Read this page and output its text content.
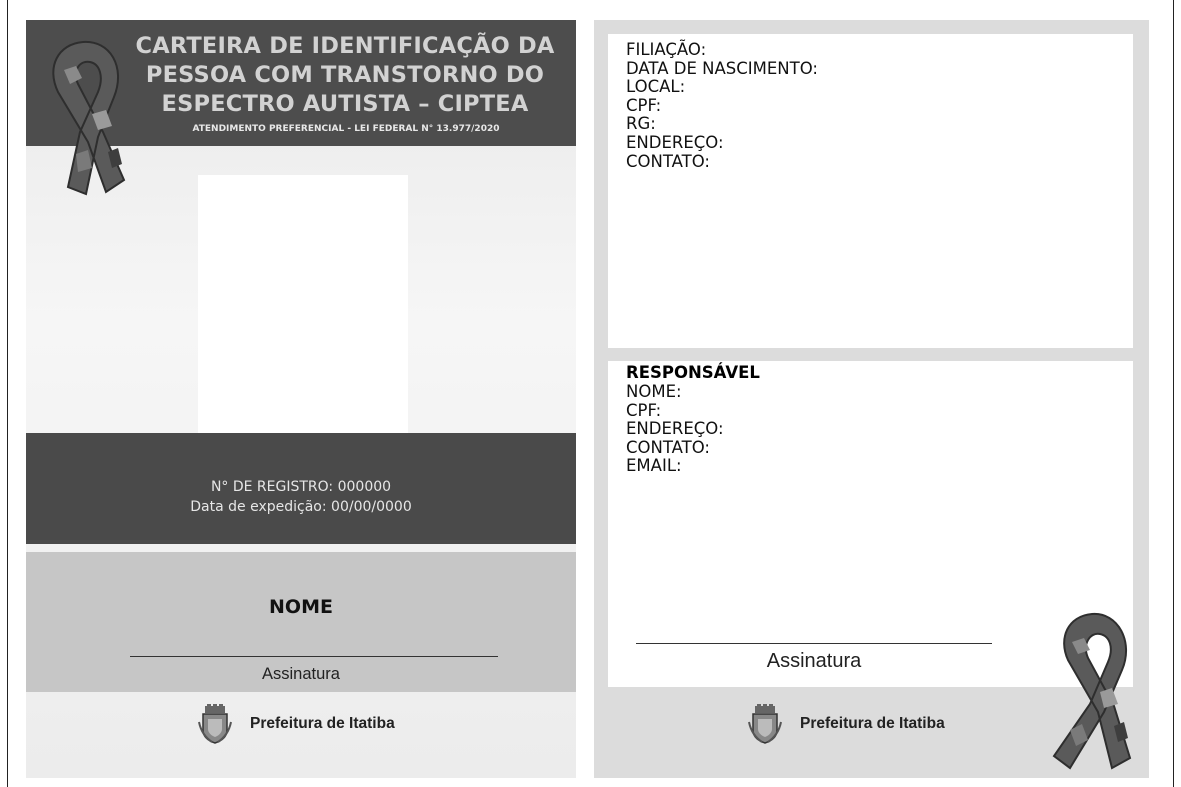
CARTEIRA DE IDENTIFICAÇÃO DA
PESSOA COM TRANSTORNO DO
ESPECTRO AUTISTA – CIPTEA
ATENDIMENTO PREFERENCIAL - LEI FEDERAL N° 13.977/2020
N° DE REGISTRO: 000000
Data de expedição: 00/00/0000
NOME
Assinatura
Prefeitura de Itatiba
FILIAÇÃO:
DATA DE NASCIMENTO:
LOCAL:
CPF:
RG:
ENDEREÇO:
CONTATO:
RESPONSÁVEL
NOME:
CPF:
ENDEREÇO:
CONTATO:
EMAIL:
Assinatura
Prefeitura de Itatiba
